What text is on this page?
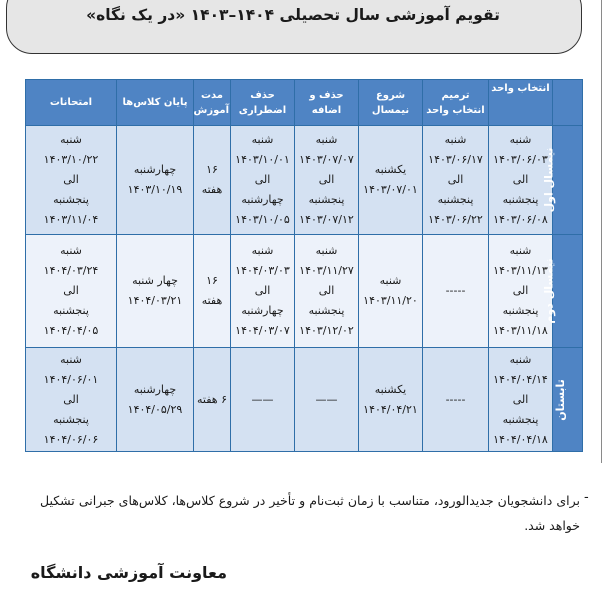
تقویم آموزشی سال تحصیلی ۱۴۰۴–۱۴۰۳ «در یک نگاه»
	انتخاب واحد	ترمیم انتخاب واحد	شروع نیمسال	حذف و اضافه	حذف اضطراری	مدت آموزش	پایان کلاس‌ها	امتحانات
نیمسال اول	شنبه
۱۴۰۳/۰۶/۰۳
الی
پنجشنبه
۱۴۰۳/۰۶/۰۸	شنبه
۱۴۰۳/۰۶/۱۷
الی
پنجشنبه
۱۴۰۳/۰۶/۲۲	یکشنبه
۱۴۰۳/۰۷/۰۱	شنبه
۱۴۰۳/۰۷/۰۷
الی
پنجشنبه
۱۴۰۳/۰۷/۱۲	شنبه
۱۴۰۳/۱۰/۰۱
الی
چهارشنبه
۱۴۰۳/۱۰/۰۵	۱۶
هفته	چهارشنبه
۱۴۰۳/۱۰/۱۹	شنبه
۱۴۰۳/۱۰/۲۲
الی
پنجشنبه
۱۴۰۳/۱۱/۰۴

نیمسال دوم	شنبه
۱۴۰۳/۱۱/۱۳
الی
پنجشنبه
۱۴۰۳/۱۱/۱۸	-----	شنبه
۱۴۰۳/۱۱/۲۰	شنبه
۱۴۰۳/۱۱/۲۷
الی
پنجشنبه
۱۴۰۳/۱۲/۰۲	شنبه
۱۴۰۴/۰۳/۰۳
الی
چهارشنبه
۱۴۰۴/۰۳/۰۷	۱۶
هفته	چهار شنبه
۱۴۰۴/۰۳/۲۱	شنبه
۱۴۰۴/۰۳/۲۴
الی
پنجشنبه
۱۴۰۴/۰۴/۰۵

تابستان	شنبه
۱۴۰۴/۰۴/۱۴
الی
پنجشنبه
۱۴۰۴/۰۴/۱۸	-----	یکشنبه
۱۴۰۴/۰۴/۲۱	——	——	۶ هفته	چهارشنبه
۱۴۰۴/۰۵/۲۹	شنبه
۱۴۰۴/۰۶/۰۱
الی
پنجشنبه
۱۴۰۴/۰۶/۰۶
-
برای دانشجویان جدیدالورود، متناسب با زمان ثبت‌نام و تأخیر در شروع کلاس‌ها، کلاس‌های جبرانی تشکیل خواهد شد.
معاونت آموزشی دانشگاه
